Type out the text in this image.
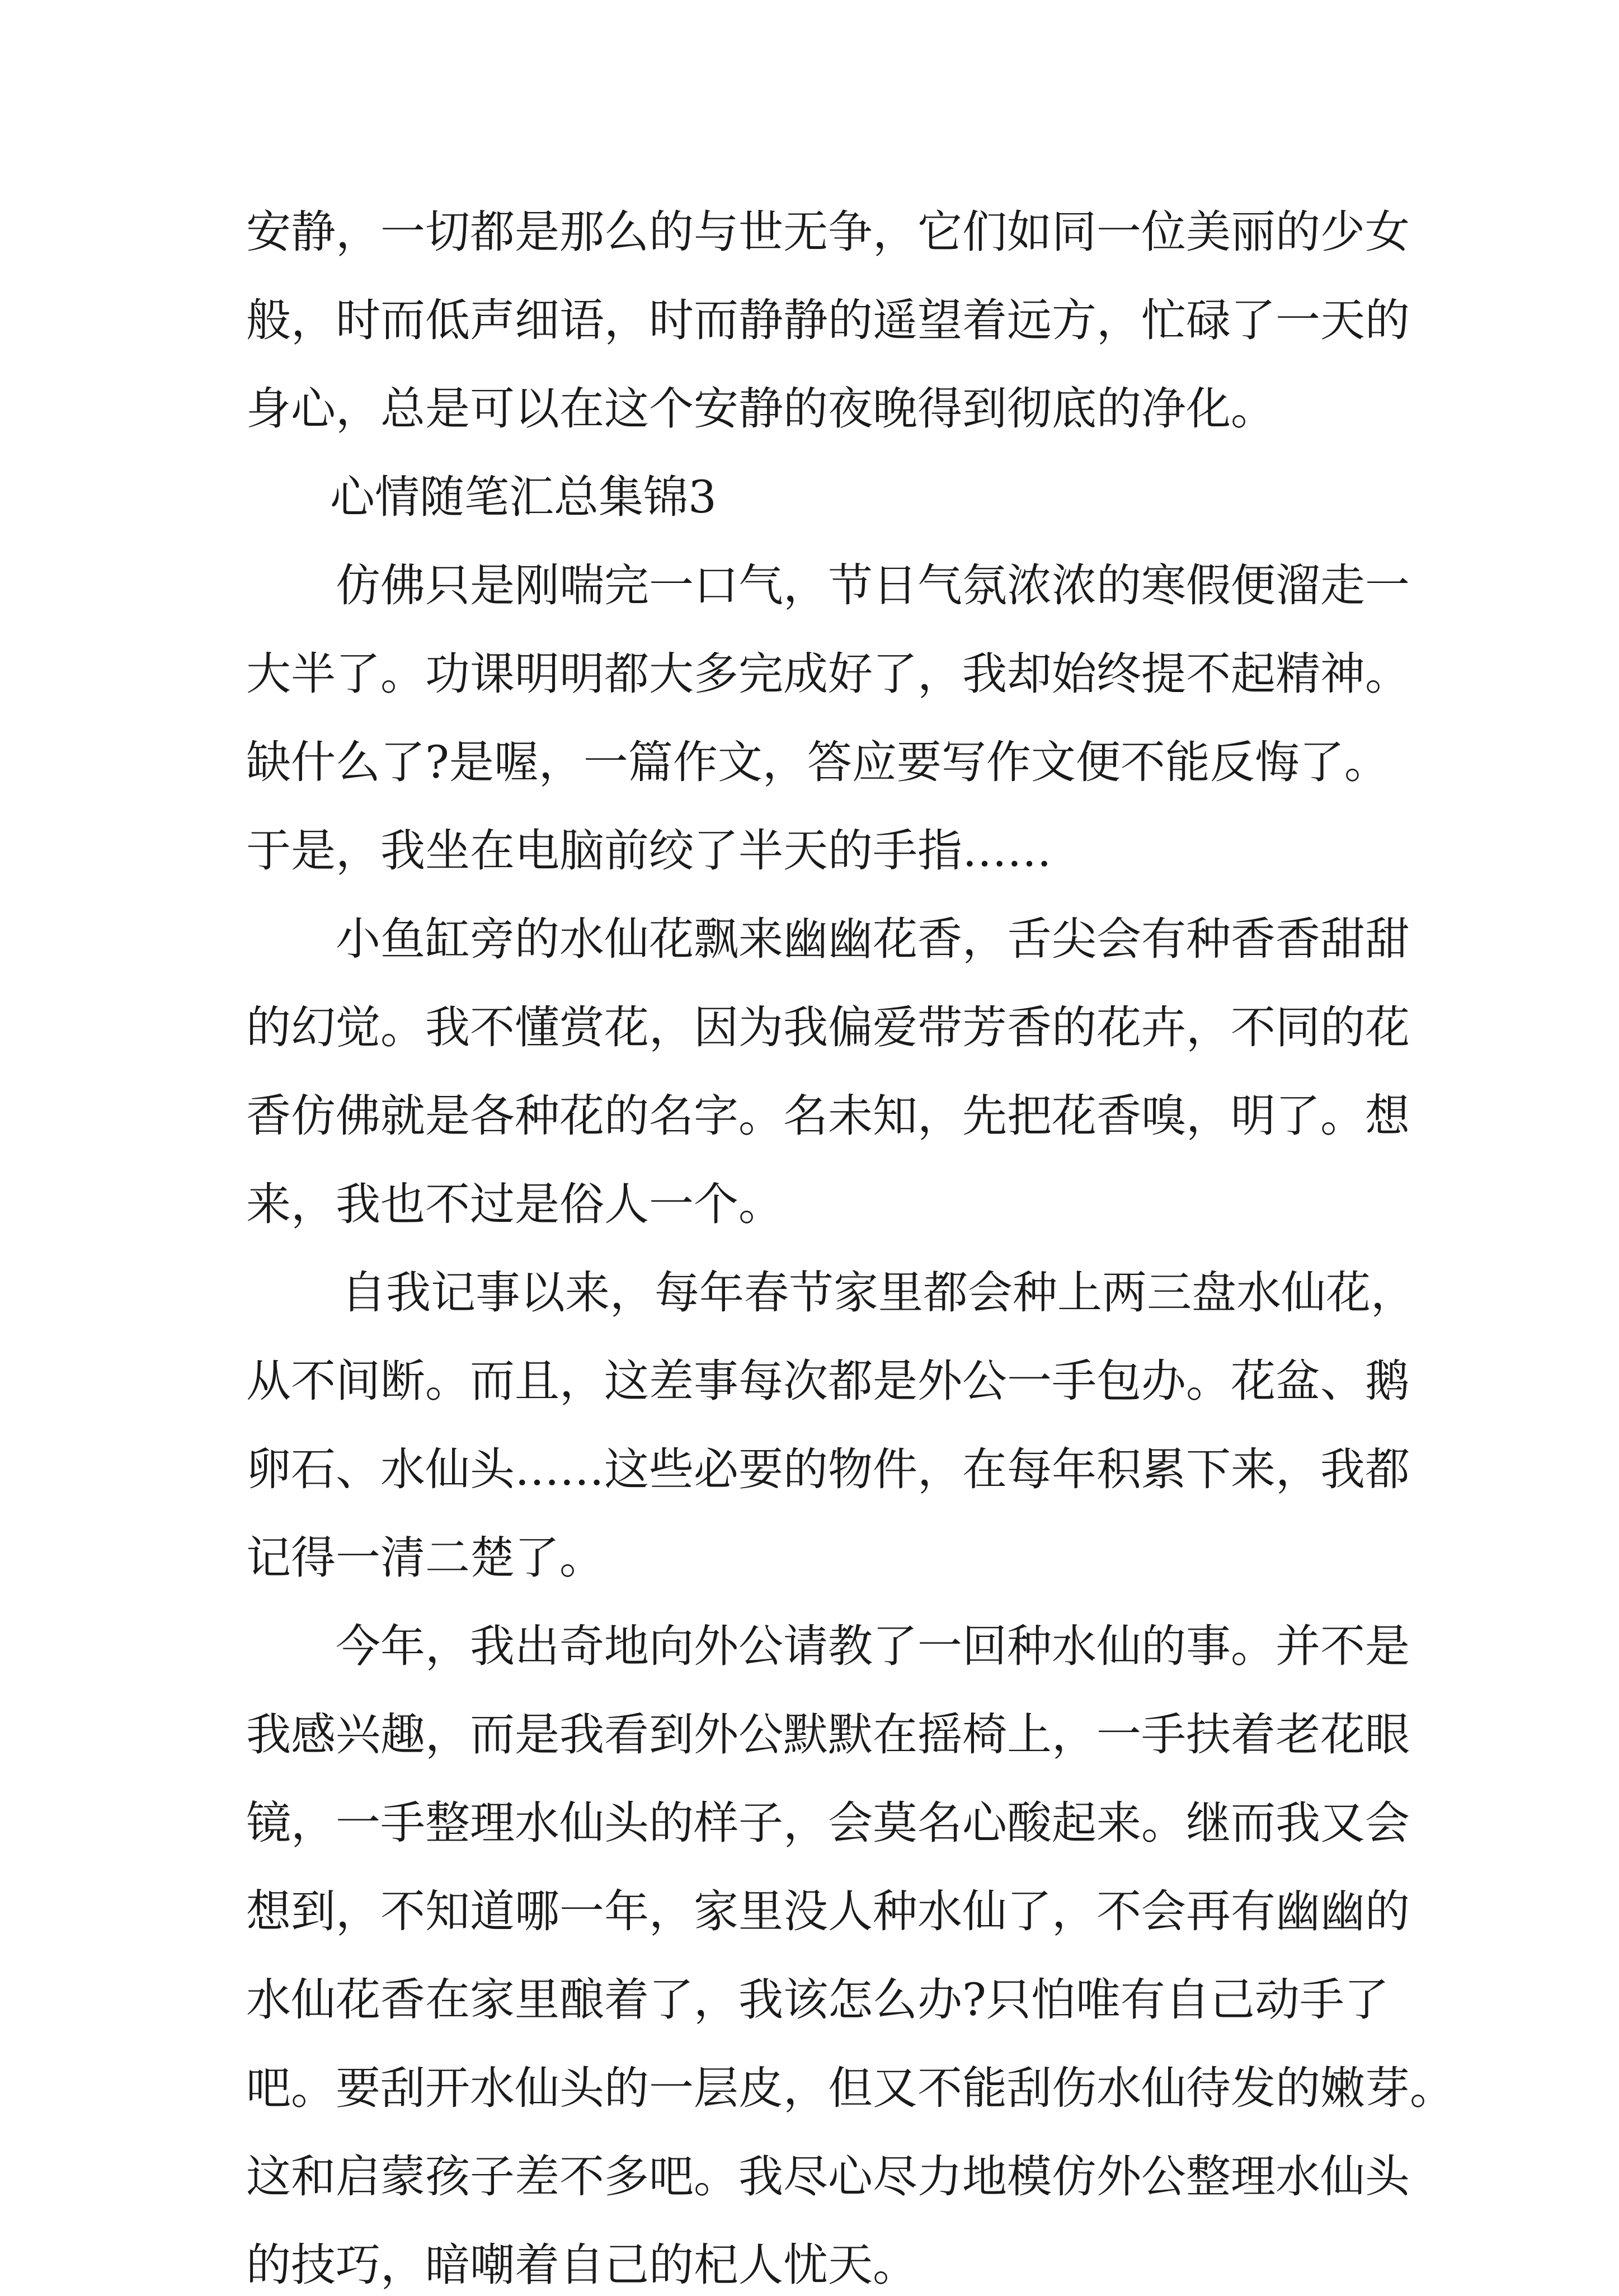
安静，一切都是那么的与世无争，它们如同一位美丽的少女

般，时而低声细语，时而静静的遥望着远方，忙碌了一天的

身心，总是可以在这个安静的夜晚得到彻底的净化。

心情随笔汇总集锦3

仿佛只是刚喘完一口气，节日气氛浓浓的寒假便溜走一

大半了。功课明明都大多完成好了，我却始终提不起精神。

缺什么了?是喔，一篇作文，答应要写作文便不能反悔了。

于是，我坐在电脑前绞了半天的手指……

小鱼缸旁的水仙花飘来幽幽花香，舌尖会有种香香甜甜

的幻觉。我不懂赏花，因为我偏爱带芳香的花卉，不同的花

香仿佛就是各种花的名字。名未知，先把花香嗅，明了。想

来，我也不过是俗人一个。

自我记事以来，每年春节家里都会种上两三盘水仙花，

从不间断。而且，这差事每次都是外公一手包办。花盆、鹅

卵石、水仙头……这些必要的物件，在每年积累下来，我都

记得一清二楚了。

今年，我出奇地向外公请教了一回种水仙的事。并不是

我感兴趣，而是我看到外公默默在摇椅上，一手扶着老花眼

镜，一手整理水仙头的样子，会莫名心酸起来。继而我又会

想到，不知道哪一年，家里没人种水仙了，不会再有幽幽的

水仙花香在家里酿着了，我该怎么办?只怕唯有自己动手了

吧。要刮开水仙头的一层皮，但又不能刮伤水仙待发的嫩芽。

这和启蒙孩子差不多吧。我尽心尽力地模仿外公整理水仙头

的技巧，暗嘲着自己的杞人忧天。
